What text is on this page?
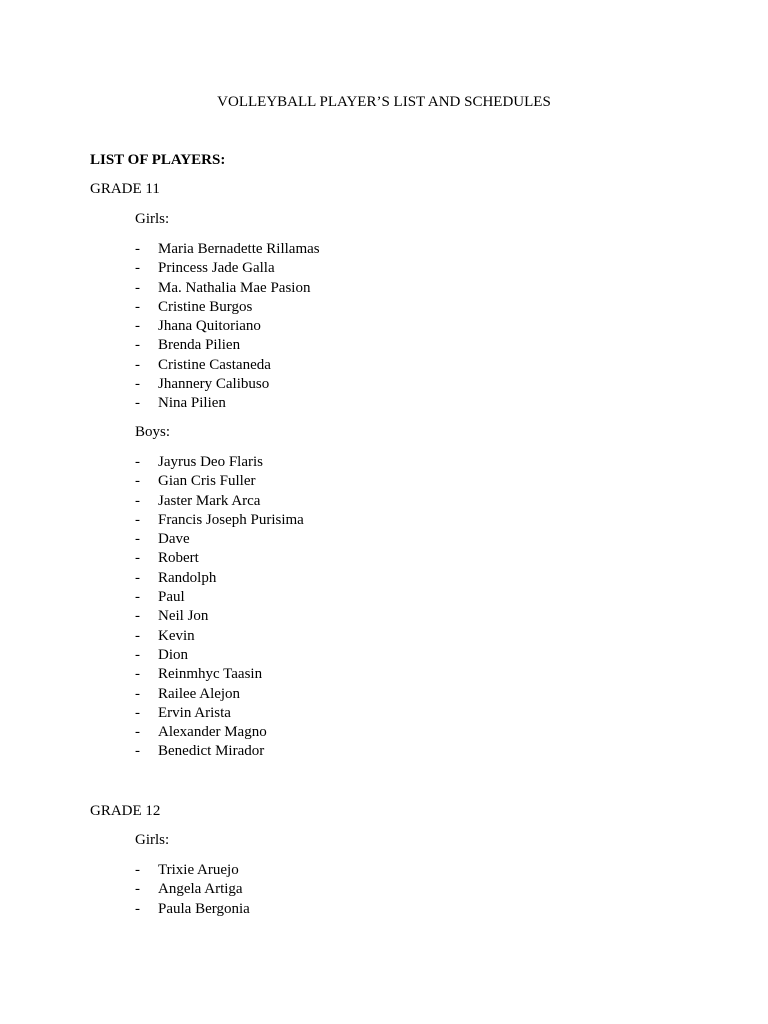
VOLLEYBALL PLAYER’S LIST AND SCHEDULES
LIST OF PLAYERS:
GRADE 11
Girls:
- Maria Bernadette Rillamas
- Princess Jade Galla
- Ma. Nathalia Mae Pasion
- Cristine Burgos
- Jhana Quitoriano
- Brenda Pilien
- Cristine Castaneda
- Jhannery Calibuso
- Nina Pilien
Boys:
- Jayrus Deo Flaris
- Gian Cris Fuller
- Jaster Mark Arca
- Francis Joseph Purisima
- Dave
- Robert
- Randolph
- Paul
- Neil Jon
- Kevin
- Dion
- Reinmhyc Taasin
- Railee Alejon
- Ervin Arista
- Alexander Magno
- Benedict Mirador
GRADE 12
Girls:
- Trixie Aruejo
- Angela Artiga
- Paula Bergonia
